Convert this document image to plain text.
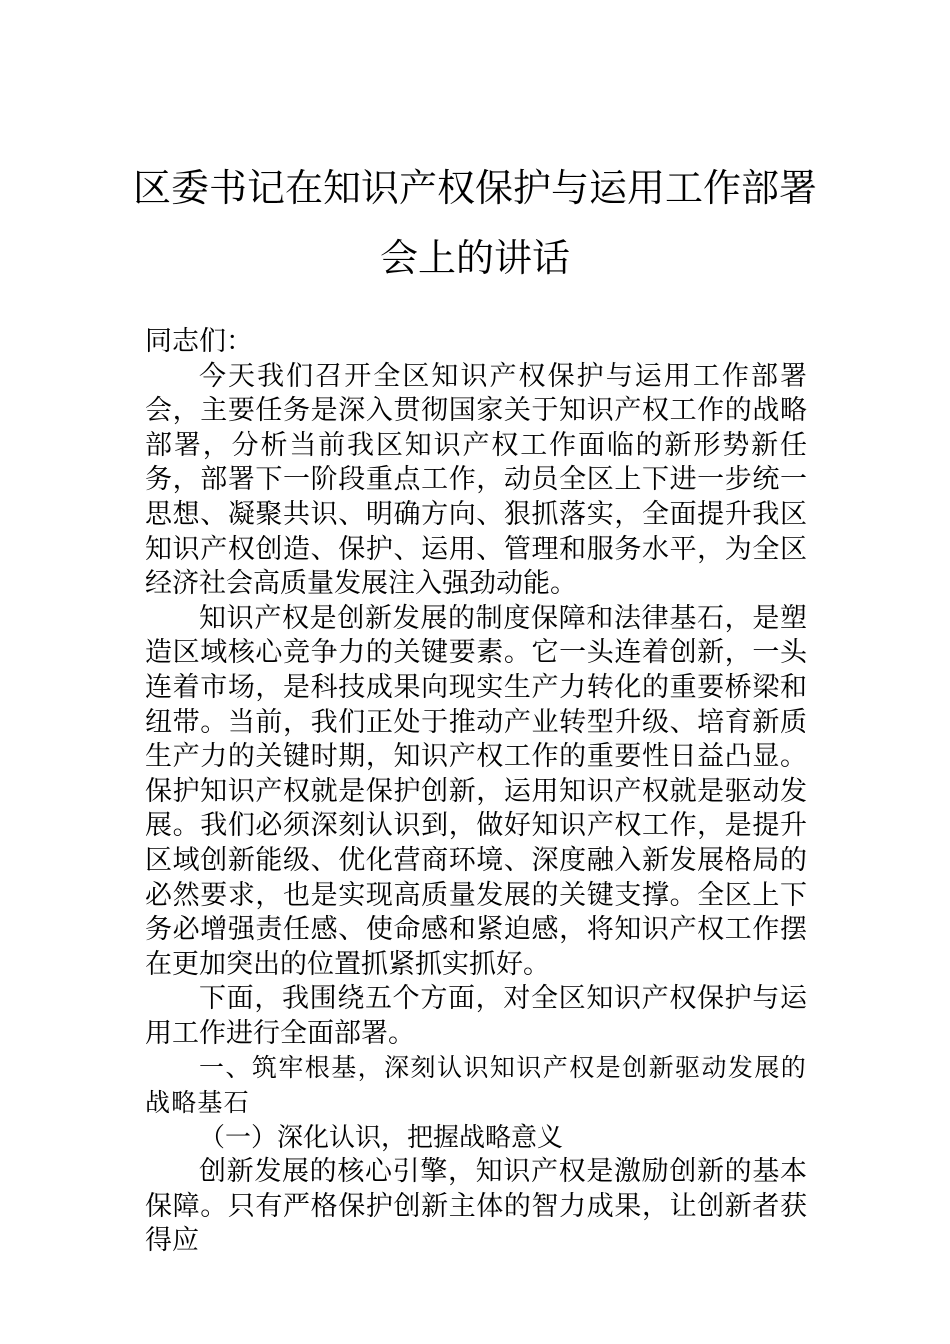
区委书记在知识产权保护与运用工作部署
会上的讲话

同志们：

今天我们召开全区知识产权保护与运用工作部署会，主要任务是深入贯彻国家关于知识产权工作的战略部署，分析当前我区知识产权工作面临的新形势新任务，部署下一阶段重点工作，动员全区上下进一步统一思想、凝聚共识、明确方向、狠抓落实，全面提升我区知识产权创造、保护、运用、管理和服务水平，为全区经济社会高质量发展注入强劲动能。

知识产权是创新发展的制度保障和法律基石，是塑造区域核心竞争力的关键要素。它一头连着创新，一头连着市场，是科技成果向现实生产力转化的重要桥梁和纽带。当前，我们正处于推动产业转型升级、培育新质生产力的关键时期，知识产权工作的重要性日益凸显。保护知识产权就是保护创新，运用知识产权就是驱动发展。我们必须深刻认识到，做好知识产权工作，是提升区域创新能级、优化营商环境、深度融入新发展格局的必然要求，也是实现高质量发展的关键支撑。全区上下务必增强责任感、使命感和紧迫感，将知识产权工作摆在更加突出的位置抓紧抓实抓好。

下面，我围绕五个方面，对全区知识产权保护与运用工作进行全面部署。

一、筑牢根基，深刻认识知识产权是创新驱动发展的战略基石

（一）深化认识，把握战略意义

创新发展的核心引擎，知识产权是激励创新的基本保障。只有严格保护创新主体的智力成果，让创新者获得应
